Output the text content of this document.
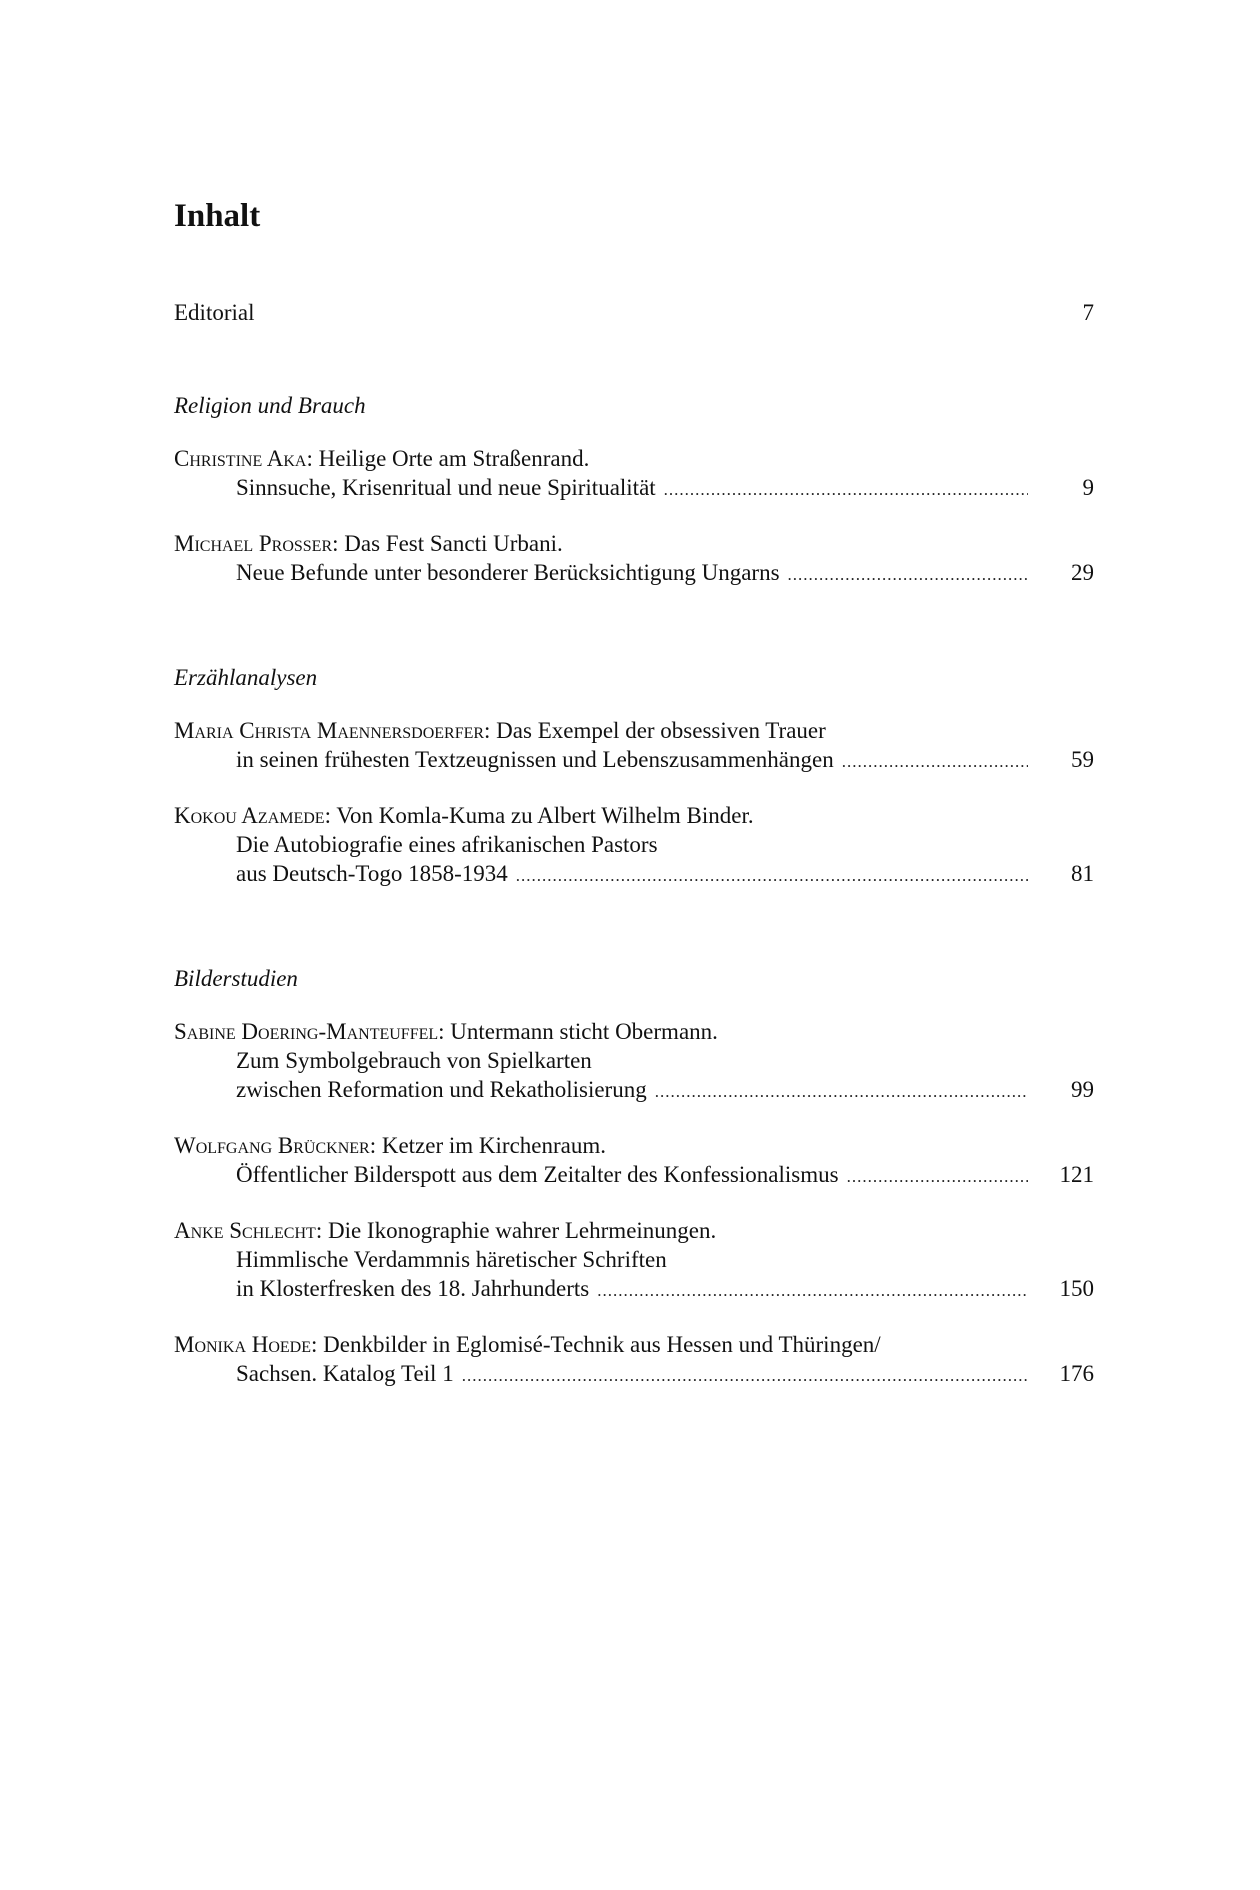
Inhalt
Editorial	7
Religion und Brauch
Christine Aka: Heilige Orte am Straßenrand.
Sinnsuche, Krisenritual und neue Spiritualität .....	9
Michael Prosser: Das Fest Sancti Urbani.
Neue Befunde unter besonderer Berücksichtigung Ungarns .....	29
Erzählanalysen
Maria Christa Maennersdoerfer: Das Exempel der obsessiven Trauer
in seinen frühesten Textzeugnissen und Lebenszusammenhängen .....	59
Kokou Azamede: Von Komla-Kuma zu Albert Wilhelm Binder.
Die Autobiografie eines afrikanischen Pastors
aus Deutsch-Togo 1858-1934 .....	81
Bilderstudien
Sabine Doering-Manteuffel: Untermann sticht Obermann.
Zum Symbolgebrauch von Spielkarten
zwischen Reformation und Rekatholisierung .....	99
Wolfgang Brückner: Ketzer im Kirchenraum.
Öffentlicher Bilderspott aus dem Zeitalter des Konfessionalismus .....	121
Anke Schlecht: Die Ikonographie wahrer Lehrmeinungen.
Himmlische Verdammnis häretischer Schriften
in Klosterfresken des 18. Jahrhunderts .....	150
Monika Hoede: Denkbilder in Eglomisé-Technik aus Hessen und Thüringen/
Sachsen. Katalog Teil 1 .....	176
